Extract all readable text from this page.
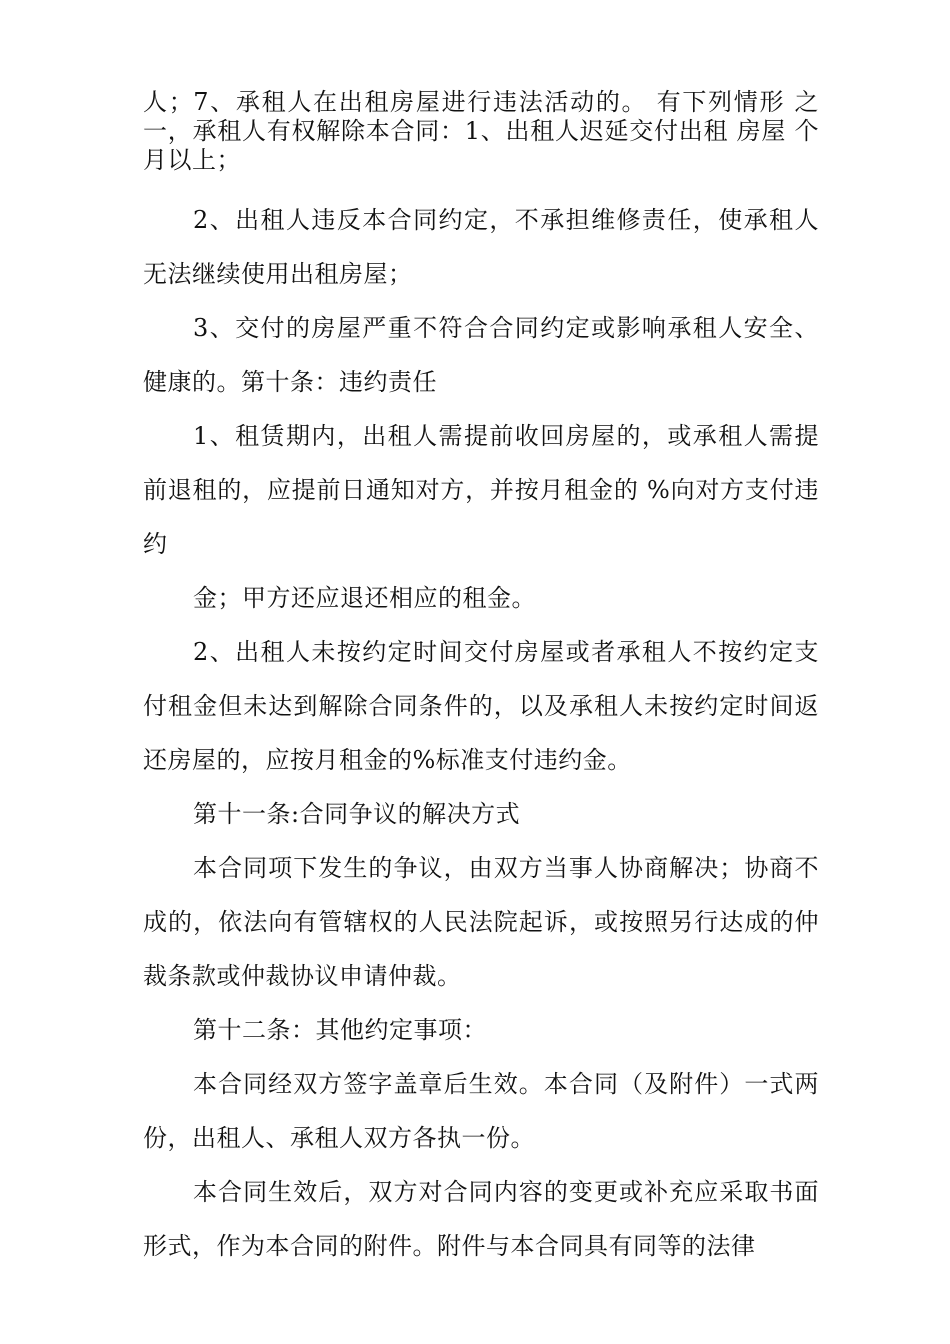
人；7、承租人在出租房屋进行违法活动的。 有下列情形 之一，承租人有权解除本合同：1、出租人迟延交付出租 房屋 个月以上；

2、出租人违反本合同约定，不承担维修责任，使承租人无法继续使用出租房屋；

3、交付的房屋严重不符合合同约定或影响承租人安全、 健康的。第十条：违约责任

1、租赁期内，出租人需提前收回房屋的，或承租人需提前退租的，应提前日通知对方，并按月租金的 %向对方支付违约

金；甲方还应退还相应的租金。

2、出租人未按约定时间交付房屋或者承租人不按约定支付租金但未达到解除合同条件的，以及承租人未按约定时间返还房屋的，应按月租金的%标准支付违约金。

第十一条:合同争议的解决方式

本合同项下发生的争议，由双方当事人协商解决；协商不成的，依法向有管辖权的人民法院起诉，或按照另行达成的仲裁条款或仲裁协议申请仲裁。

第十二条：其他约定事项：

本合同经双方签字盖章后生效。本合同（及附件）一式两份，出租人、承租人双方各执一份。

本合同生效后，双方对合同内容的变更或补充应采取书面形式，作为本合同的附件。附件与本合同具有同等的法律
